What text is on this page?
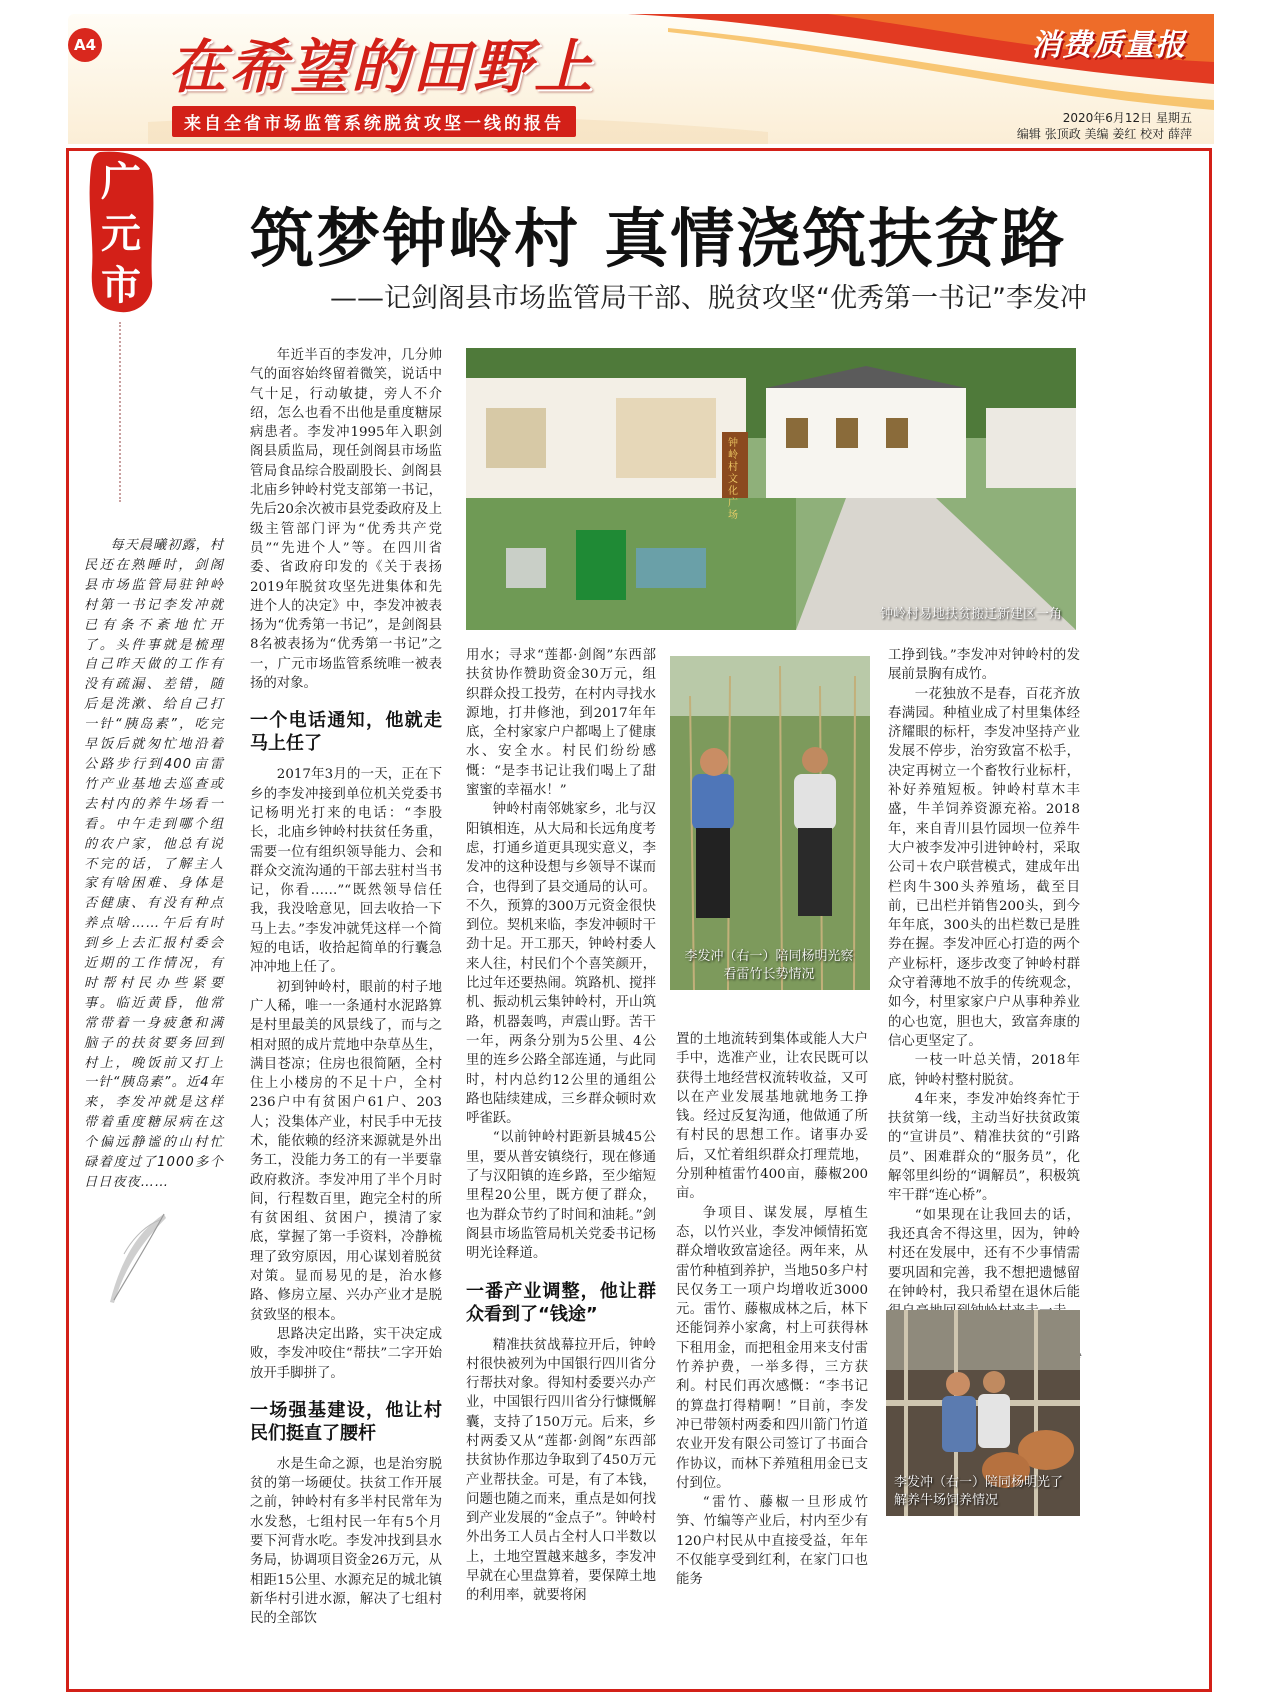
A4 在希望的田野上
来自全省市场监管系统脱贫攻坚一线的报告
消费质量报
2020年6月12日 星期五
编辑 张顶政 美编 姜红 校对 薛萍
广元市
筑梦钟岭村 真情浇筑扶贫路
——记剑阁县市场监管局干部、脱贫攻坚“优秀第一书记”李发冲

每天晨曦初露，村民还在熟睡时，剑阁县市场监管局驻钟岭村第一书记李发冲就已有条不紊地忙开了。头件事就是梳理自己昨天做的工作有没有疏漏、差错，随后是洗漱、给自己打一针“胰岛素”，吃完早饭后就匆忙地沿着公路步行到400亩雷竹产业基地去巡查或去村内的养牛场看一看。中午走到哪个组的农户家，他总有说不完的话，了解主人家有啥困难、身体是否健康、有没有种点养点啥……午后有时到乡上去汇报村委会近期的工作情况，有时帮村民办些紧要事。临近黄昏，他常常带着一身疲惫和满脑子的扶贫要务回到村上，晚饭前又打上一针“胰岛素”。近4年来，李发冲就是这样带着重度糖尿病在这个偏远静谧的山村忙碌着度过了1000多个日日夜夜……

年近半百的李发冲，几分帅气的面容始终留着微笑，说话中气十足，行动敏捷，旁人不介绍，怎么也看不出他是重度糖尿病患者。李发冲1995年入职剑阁县质监局，现任剑阁县市场监管局食品综合股副股长、剑阁县北庙乡钟岭村党支部第一书记，先后20余次被市县党委政府及上级主管部门评为“优秀共产党员”“先进个人”等。在四川省委、省政府印发的《关于表扬2019年脱贫攻坚先进集体和先进个人的决定》中，李发冲被表扬为“优秀第一书记”，是剑阁县8名被表扬为“优秀第一书记”之一，广元市场监管系统唯一被表扬的对象。

一个电话通知，他就走马上任了

2017年3月的一天，正在下乡的李发冲接到单位机关党委书记杨明光打来的电话：“李股长，北庙乡钟岭村扶贫任务重，需要一位有组织领导能力、会和群众交流沟通的干部去驻村当书记，你看……”“既然领导信任我，我没啥意见，回去收拾一下马上去。”李发冲就凭这样一个简短的电话，收拾起简单的行囊急冲冲地上任了。

初到钟岭村，眼前的村子地广人稀，唯一一条通村水泥路算是村里最美的风景线了，而与之相对照的成片荒地中杂草丛生，满目苍凉；住房也很简陋，全村住上小楼房的不足十户，全村236户中有贫困户61户、203人；没集体产业，村民手中无技术，能依赖的经济来源就是外出务工，没能力务工的有一半要靠政府救济。李发冲用了半个月时间，行程数百里，跑完全村的所有贫困组、贫困户，摸清了家底，掌握了第一手资料，冷静梳理了致穷原因，用心谋划着脱贫对策。显而易见的是，治水修路、修房立屋、兴办产业才是脱贫致坚的根本。

思路决定出路，实干决定成败，李发冲咬住“帮扶”二字开始放开手脚拼了。

一场强基建设，他让村民们挺直了腰杆

水是生命之源，也是治穷脱贫的第一场硬仗。扶贫工作开展之前，钟岭村有多半村民常年为水发愁，七组村民一年有5个月要下河背水吃。李发冲找到县水务局，协调项目资金26万元，从相距15公里、水源充足的城北镇新华村引进水源，解决了七组村民的全部饮

钟岭村文化广场
钟岭村易地扶贫搬迁新建区一角

用水；寻求“莲都·剑阁”东西部扶贫协作赞助资金30万元，组织群众投工投劳，在村内寻找水源地，打井修池，到2017年年底，全村家家户户都喝上了健康水、安全水。村民们纷纷感慨：“是李书记让我们喝上了甜蜜蜜的幸福水！”

钟岭村南邻姚家乡，北与汉阳镇相连，从大局和长远角度考虑，打通乡道更具现实意义，李发冲的这种设想与乡领导不谋而合，也得到了县交通局的认可。不久，预算的300万元资金很快到位。契机来临，李发冲顿时干劲十足。开工那天，钟岭村委人来人往，村民们个个喜笑颜开，比过年还要热闹。筑路机、搅拌机、振动机云集钟岭村，开山筑路，机器轰鸣，声震山野。苦干一年，两条分别为5公里、4公里的连乡公路全部连通，与此同时，村内总约12公里的通组公路也陆续建成，三乡群众顿时欢呼雀跃。

“以前钟岭村距新县城45公里，要从普安镇绕行，现在修通了与汉阳镇的连乡路，至少缩短里程20公里，既方便了群众，也为群众节约了时间和油耗。”剑阁县市场监管局机关党委书记杨明光诠释道。

一番产业调整，他让群众看到了“钱途”

精准扶贫战幕拉开后，钟岭村很快被列为中国银行四川省分行帮扶对象。得知村委要兴办产业，中国银行四川省分行慷慨解囊，支持了150万元。后来，乡村两委又从“莲都·剑阁”东西部扶贫协作那边争取到了450万元产业帮扶金。可是，有了本钱，问题也随之而来，重点是如何找到产业发展的“金点子”。钟岭村外出务工人员占全村人口半数以上，土地空置越来越多，李发冲早就在心里盘算着，要保障土地的利用率，就要将闲

李发冲（右一）陪同杨明光察看雷竹长势情况

置的土地流转到集体或能人大户手中，选准产业，让农民既可以获得土地经营权流转收益，又可以在产业发展基地就地务工挣钱。经过反复沟通，他做通了所有村民的思想工作。诸事办妥后，又忙着组织群众打理荒地，分别种植雷竹400亩，藤椒200亩。

争项目、谋发展，厚植生态，以竹兴业，李发冲倾情拓宽群众增收致富途径。两年来，从雷竹种植到养护，当地50多户村民仅务工一项户均增收近3000元。雷竹、藤椒成林之后，林下还能饲养小家禽，村上可获得林下租用金，而把租金用来支付雷竹养护费，一举多得，三方获利。村民们再次感慨：“李书记的算盘打得精啊！”目前，李发冲已带领村两委和四川箭门竹道农业开发有限公司签订了书面合作协议，而林下养殖租用金已支付到位。

“雷竹、藤椒一旦形成竹笋、竹编等产业后，村内至少有120户村民从中直接受益，年年不仅能享受到红利，在家门口也能务

工挣到钱。”李发冲对钟岭村的发展前景胸有成竹。

一花独放不是春，百花齐放春满园。种植业成了村里集体经济耀眼的标杆，李发冲坚持产业发展不停步，治穷致富不松手，决定再树立一个畜牧行业标杆，补好养殖短板。钟岭村草木丰盛，牛羊饲养资源充裕。2018年，来自青川县竹园坝一位养牛大户被李发冲引进钟岭村，采取公司＋农户联营模式，建成年出栏肉牛300头养殖场，截至目前，已出栏并销售200头，到今年年底，300头的出栏数已是胜券在握。李发冲匠心打造的两个产业标杆，逐步改变了钟岭村群众守着薄地不放手的传统观念，如今，村里家家户户从事种养业的心也宽，胆也大，致富奔康的信心更坚定了。

一枝一叶总关情，2018年底，钟岭村整村脱贫。

4年来，李发冲始终奔忙于扶贫第一线，主动当好扶贫政策的“宣讲员”、精准扶贫的“引路员”、困难群众的“服务员”，化解邻里纠纷的“调解员”，积极筑牢干群“连心桥”。

“如果现在让我回去的话，我还真舍不得这里，因为，钟岭村还在发展中，还有不少事情需要巩固和完善，我不想把遗憾留在钟岭村，我只希望在退休后能

李发冲（右一）陪同杨明光了解养牛场饲养情况
